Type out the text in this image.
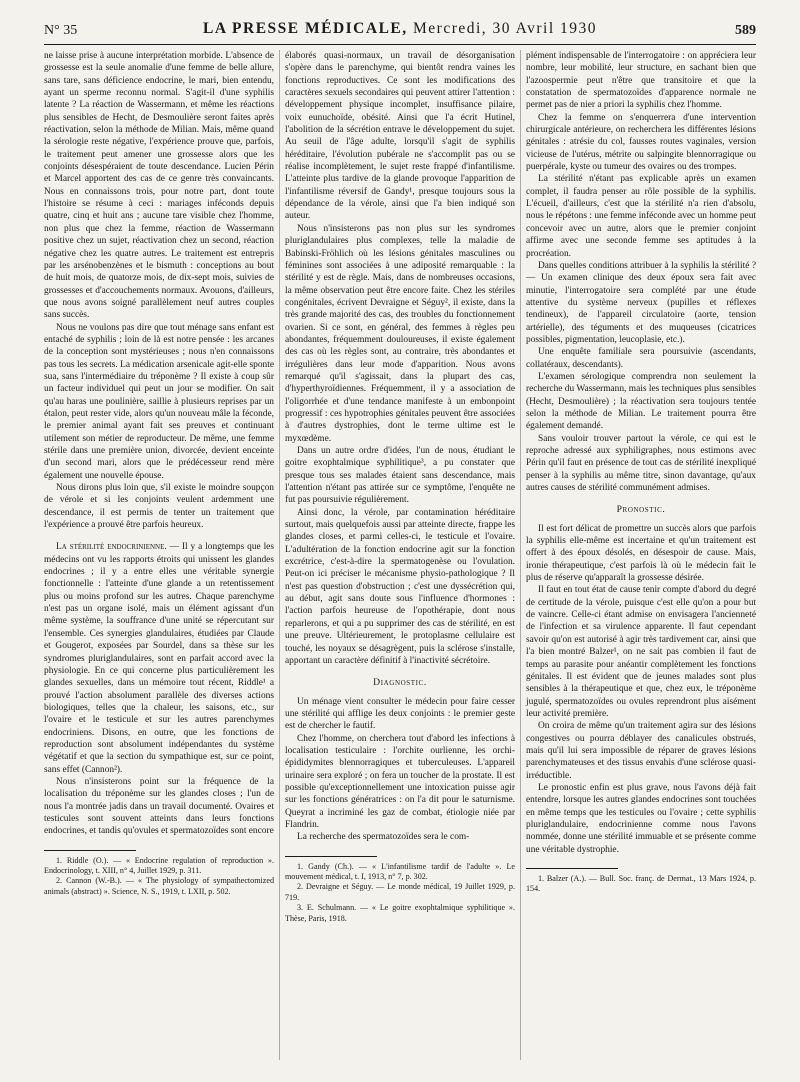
N° 35	LA PRESSE MÉDICALE, Mercredi, 30 Avril 1930	589

ne laisse prise à aucune interprétation morbide. L'absence de grossesse est la seule anomalie d'une femme de belle allure, sans tare, sans déficience endocrine, le mari, bien entendu, ayant un sperme reconnu normal. S'agit-il d'une syphilis latente ? La réaction de Wassermann, et même les réactions plus sensibles de Hecht, de Desmoulière seront faites après réactivation, selon la méthode de Milian. Mais, même quand la sérologie reste négative, l'expérience prouve que, parfois, le traitement peut amener une grossesse alors que les conjoints désespéraient de toute descendance. Lucien Périn et Marcel apportent des cas de ce genre très convaincants. Nous en connaissons trois, pour notre part, dont toute l'histoire se résume à ceci : mariages inféconds depuis quatre, cinq et huit ans ; aucune tare visible chez l'homme, non plus que chez la femme, réaction de Wassermann positive chez un sujet, réactivation chez un second, réaction négative chez les quatre autres. Le traitement est entrepris par les arsénobenzènes et le bismuth : conceptions au bout de huit mois, de quatorze mois, de dix-sept mois, suivies de grossesses et d'accouchements normaux. Avouons, d'ailleurs, que nous avons soigné parallèlement neuf autres couples sans succès.

Nous ne voulons pas dire que tout ménage sans enfant est entaché de syphilis ; loin de là est notre pensée : les arcanes de la conception sont mystérieuses ; nous n'en connaissons pas tous les secrets. La médication arsenicale agit-elle sponte sua, sans l'intermédiaire du tréponème ? Il existe à coup sûr un facteur individuel qui peut un jour se modifier. On sait qu'au haras une poulinière, saillie à plusieurs reprises par un étalon, peut rester vide, alors qu'un nouveau mâle la féconde, le premier animal ayant fait ses preuves et continuant utilement son métier de reproducteur. De même, une femme stérile dans une première union, divorcée, devient enceinte d'un second mari, alors que le prédécesseur rend mère également une nouvelle épouse.

Nous dirons plus loin que, s'il existe le moindre soupçon de vérole et si les conjoints veulent ardemment une descendance, il est permis de tenter un traitement que l'expérience a prouvé être parfois heureux.

La stérilité endocrinienne. — Il y a longtemps que les médecins ont vu les rapports étroits qui unissent les glandes endocrines ; il y a entre elles une véritable synergie fonctionnelle : l'atteinte d'une glande a un retentissement plus ou moins profond sur les autres. Chaque parenchyme n'est pas un organe isolé, mais un élément agissant d'un même système, la souffrance d'une unité se répercutant sur l'ensemble. Ces synergies glandulaires, étudiées par Claude et Gougerot, exposées par Sourdel, dans sa thèse sur les syndromes pluriglandulaires, sont en parfait accord avec la physiologie. En ce qui concerne plus particulièrement les glandes sexuelles, dans un mémoire tout récent, Riddle¹ a prouvé l'action absolument parallèle des diverses actions biologiques, telles que la chaleur, les saisons, etc., sur l'ovaire et le testicule et sur les autres parenchymes endocriniens. Disons, en outre, que les fonctions de reproduction sont absolument indépendantes du système végétatif et que la section du sympathique est, sur ce point, sans effet (Cannon²).

Nous n'insisterons point sur la fréquence de la localisation du tréponème sur les glandes closes ; l'un de nous l'a montrée jadis dans un travail documenté. Ovaires et testicules sont souvent atteints dans leurs fonctions endocrines, et tandis qu'ovules et spermatozoïdes sont encore

1. Riddle (O.). — « Endocrine regulation of reproduction ». Endocrinology, t. XIII, n° 4, Juillet 1929, p. 311.

2. Cannon (W.-B.). — « The physiology of sympathectomized animals (abstract) ». Science, N. S., 1919, t. LXII, p. 502.

élaborés quasi-normaux, un travail de désorganisation s'opère dans le parenchyme, qui bientôt rendra vaines les fonctions reproductives. Ce sont les modifications des caractères sexuels secondaires qui peuvent attirer l'attention : développement physique incomplet, insuffisance pilaire, voix eunuchoïde, obésité. Ainsi que l'a écrit Hutinel, l'abolition de la sécrétion entrave le développement du sujet. Au seuil de l'âge adulte, lorsqu'il s'agit de syphilis héréditaire, l'évolution pubérale ne s'accomplit pas ou se réalise incomplètement, le sujet reste frappé d'infantilisme. L'atteinte plus tardive de la glande provoque l'apparition de l'infantilisme réversif de Gandy¹, presque toujours sous la dépendance de la vérole, ainsi que l'a bien indiqué son auteur.

Nous n'insisterons pas non plus sur les syndromes pluriglandulaires plus complexes, telle la maladie de Babinski-Fröhlich où les lésions génitales masculines ou féminines sont associées à une adiposité remarquable : la stérilité y est de règle. Mais, dans de nombreuses occasions, la même observation peut être encore faite. Chez les stériles congénitales, écrivent Devraigne et Séguy², il existe, dans la très grande majorité des cas, des troubles du fonctionnement ovarien. Si ce sont, en général, des femmes à règles peu abondantes, fréquemment douloureuses, il existe également des cas où les règles sont, au contraire, très abondantes et irrégulières dans leur mode d'apparition. Nous avons remarqué qu'il s'agissait, dans la plupart des cas, d'hyperthyroïdiennes. Fréquemment, il y a association de l'oligorrhée et d'une tendance manifeste à un embonpoint progressif : ces hypotrophies génitales peuvent être associées à d'autres dystrophies, dont le terme ultime est le myxœdème.

Dans un autre ordre d'idées, l'un de nous, étudiant le goitre exophtalmique syphilitique³, a pu constater que presque tous ses malades étaient sans descendance, mais l'attention n'étant pas attirée sur ce symptôme, l'enquête ne fut pas poursuivie régulièrement.

Ainsi donc, la vérole, par contamination héréditaire surtout, mais quelquefois aussi par atteinte directe, frappe les glandes closes, et parmi celles-ci, le testicule et l'ovaire. L'adultération de la fonction endocrine agit sur la fonction excrétrice, c'est-à-dire la spermatogenèse ou l'ovulation. Peut-on ici préciser le mécanisme physio-pathologique ? Il n'est pas question d'obstruction ; c'est une dyssécrétion qui, au début, agit sans doute sous l'influence d'hormones : l'action parfois heureuse de l'opothérapie, dont nous reparlerons, et qui a pu supprimer des cas de stérilité, en est une preuve. Ultérieurement, le protoplasme cellulaire est touché, les noyaux se désagrègent, puis la sclérose s'installe, apportant un caractère définitif à l'inactivité sécrétoire.

Diagnostic.

Un ménage vient consulter le médecin pour faire cesser une stérilité qui afflige les deux conjoints : le premier geste est de chercher le fautif.

Chez l'homme, on cherchera tout d'abord les infections à localisation testiculaire : l'orchite ourlienne, les orchi-épididymites blennorragiques et tuberculeuses. L'appareil urinaire sera exploré ; on fera un toucher de la prostate. Il est possible qu'exceptionnellement une intoxication puisse agir sur les fonctions génératrices : on l'a dit pour le saturnisme. Queyrat a incriminé les gaz de combat, étiologie niée par Flandrin.

La recherche des spermatozoïdes sera le com-

1. Gandy (Ch.). — « L'infantilisme tardif de l'adulte ». Le mouvement médical, t. I, 1913, n° 7, p. 302.

2. Devraigne et Séguy. — Le monde médical, 19 Juillet 1929, p. 719.

3. E. Schulmann. — « Le goitre exophtalmique syphilitique ». Thèse, Paris, 1918.

plément indispensable de l'interrogatoire : on appréciera leur nombre, leur mobilité, leur structure, en sachant bien que l'azoospermie peut n'être que transitoire et que la constatation de spermatozoïdes d'apparence normale ne permet pas de nier a priori la syphilis chez l'homme.

Chez la femme on s'enquerrera d'une intervention chirurgicale antérieure, on recherchera les différentes lésions génitales : atrésie du col, fausses routes vaginales, version vicieuse de l'utérus, métrite ou salpingite blennorragique ou puerpérale, kyste ou tumeur des ovaires ou des trompes.

La stérilité n'étant pas explicable après un examen complet, il faudra penser au rôle possible de la syphilis. L'écueil, d'ailleurs, c'est que la stérilité n'a rien d'absolu, nous le répétons : une femme inféconde avec un homme peut concevoir avec un autre, alors que le premier conjoint affirme avec une seconde femme ses aptitudes à la procréation.

Dans quelles conditions attribuer à la syphilis la stérilité ? — Un examen clinique des deux époux sera fait avec minutie, l'interrogatoire sera complété par une étude attentive du système nerveux (pupilles et réflexes tendineux), de l'appareil circulatoire (aorte, tension artérielle), des téguments et des muqueuses (cicatrices possibles, pigmentation, leucoplasie, etc.).

Une enquête familiale sera poursuivie (ascendants, collatéraux, descendants).

L'examen sérologique comprendra non seulement la recherche du Wassermann, mais les techniques plus sensibles (Hecht, Desmoulière) ; la réactivation sera toujours tentée selon la méthode de Milian. Le traitement pourra être également demandé.

Sans vouloir trouver partout la vérole, ce qui est le reproche adressé aux syphiligraphes, nous estimons avec Périn qu'il faut en présence de tout cas de stérilité inexpliqué penser à la syphilis au même titre, sinon davantage, qu'aux autres causes de stérilité communément admises.

Pronostic.

Il est fort délicat de promettre un succès alors que parfois la syphilis elle-même est incertaine et qu'un traitement est offert à des époux désolés, en désespoir de cause. Mais, ironie thérapeutique, c'est parfois là où le médecin fait le plus de réserve qu'apparaît la grossesse désirée.

Il faut en tout état de cause tenir compte d'abord du degré de certitude de la vérole, puisque c'est elle qu'on a pour but de vaincre. Celle-ci étant admise on envisagera l'ancienneté de l'infection et sa virulence apparente. Il faut cependant savoir qu'on est autorisé à agir très tardivement car, ainsi que l'a bien montré Balzer¹, on ne sait pas combien il faut de temps au parasite pour anéantir complètement les fonctions génitales. Il est évident que de jeunes malades sont plus sensibles à la thérapeutique et que, chez eux, le tréponème jugulé, spermatozoïdes ou ovules reprendront plus aisément leur activité première.

On croira de même qu'un traitement agira sur des lésions congestives ou pourra déblayer des canalicules obstrués, mais qu'il lui sera impossible de réparer de graves lésions parenchymateuses et des tissus envahis d'une sclérose quasi-irréductible.

Le pronostic enfin est plus grave, nous l'avons déjà fait entendre, lorsque les autres glandes endocrines sont touchées en même temps que les testicules ou l'ovaire ; cette syphilis pluriglandulaire, endocrinienne comme nous l'avons nommée, donne une stérilité immuable et se présente comme une véritable dystrophie.

1. Balzer (A.). — Bull. Soc. franç. de Dermat., 13 Mars 1924, p. 154.
